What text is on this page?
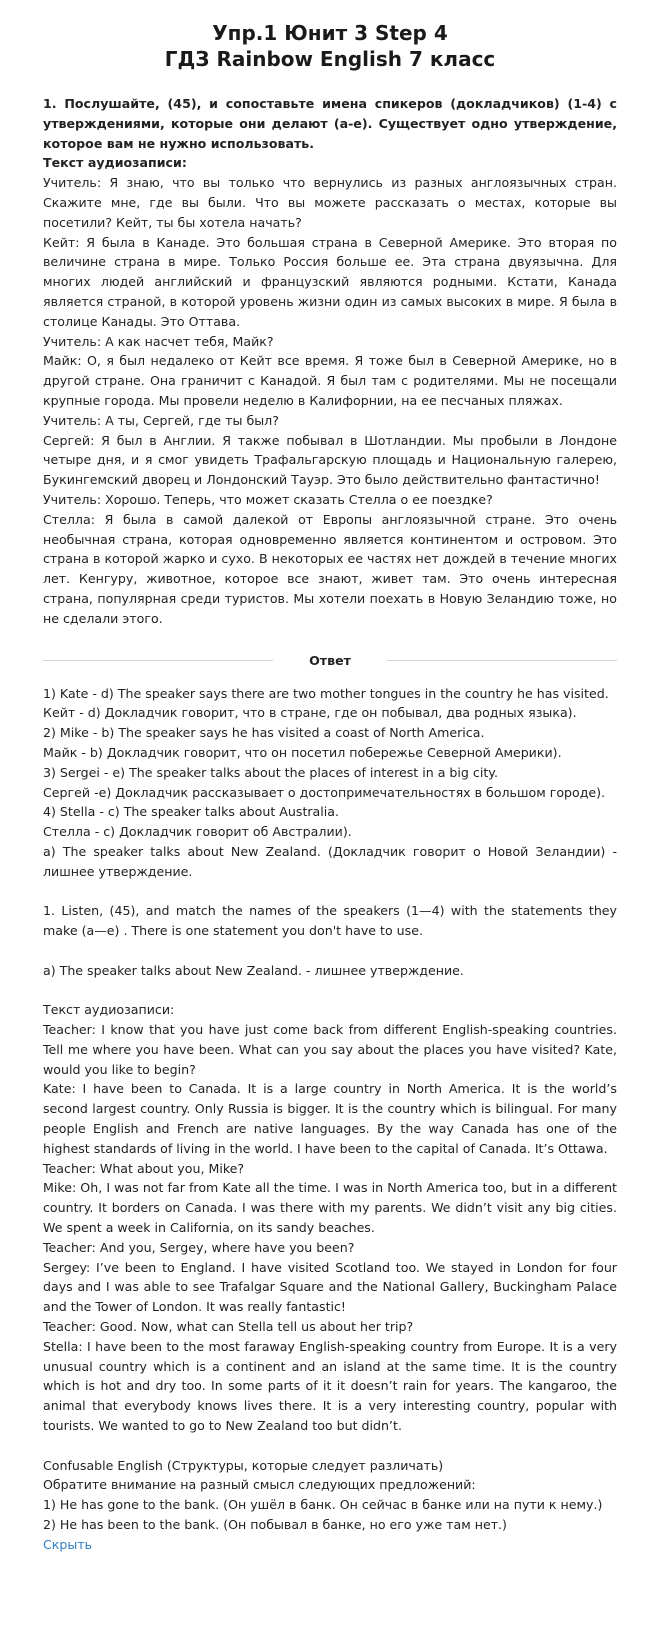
Упр.1 Юнит 3 Step 4
ГДЗ Rainbow English 7 класс

1. Послушайте, (45), и сопоставьте имена спикеров (докладчиков) (1-4) с утверждениями, которые они делают (a-e). Существует одно утверждение, которое вам не нужно использовать.

Текст аудиозаписи:

Учитель: Я знаю, что вы только что вернулись из разных англоязычных стран. Скажите мне, где вы были. Что вы можете рассказать о местах, которые вы посетили? Кейт, ты бы хотела начать?

Кейт: Я была в Канаде. Это большая страна в Северной Америке. Это вторая по величине страна в мире. Только Россия больше ее. Эта страна двуязычна. Для многих людей английский и французский являются родными. Кстати, Канада является страной, в которой уровень жизни один из самых высоких в мире. Я была в столице Канады. Это Оттава.

Учитель: А как насчет тебя, Майк?

Майк: О, я был недалеко от Кейт все время. Я тоже был в Северной Америке, но в другой стране. Она граничит с Канадой. Я был там с родителями. Мы не посещали крупные города. Мы провели неделю в Калифорнии, на ее песчаных пляжах.

Учитель: А ты, Сергей, где ты был?

Сергей: Я был в Англии. Я также побывал в Шотландии. Мы пробыли в Лондоне четыре дня, и я смог увидеть Трафальгарскую площадь и Национальную галерею, Букингемский дворец и Лондонский Тауэр. Это было действительно фантастично!

Учитель: Хорошо. Теперь, что может сказать Стелла о ее поездке?

Стелла: Я была в самой далекой от Европы англоязычной стране. Это очень необычная страна, которая одновременно является континентом и островом. Это страна в которой жарко и сухо. В некоторых ее частях нет дождей в течение многих лет. Кенгуру, животное, которое все знают, живет там. Это очень интересная страна, популярная среди туристов. Мы хотели поехать в Новую Зеландию тоже, но не сделали этого.

Ответ

1) Kate - d) The speaker says there are two mother tongues in the country he has visited.

Кейт - d) Докладчик говорит, что в стране, где он побывал, два родных языка).

2) Mike - b) The speaker says he has visited a coast of North America.

Майк - b) Докладчик говорит, что он посетил побережье Северной Америки).

3) Sergei - e) The speaker talks about the places of interest in a big city.

Сергей -e) Докладчик рассказывает о достопримечательностях в большом городе).

4) Stella - c) The speaker talks about Australia.

Стелла - c) Докладчик говорит об Австралии).

a) The speaker talks about New Zealand. (Докладчик говорит о Новой Зеландии) - лишнее утверждение.

1. Listen, (45), and match the names of the speakers (1—4) with the statements they make (a—e) . There is one statement you don't have to use.

a) The speaker talks about New Zealand. - лишнее утверждение.

Текст аудиозаписи:

Teacher: I know that you have just come back from different English-speaking countries. Tell me where you have been. What can you say about the places you have visited? Kate, would you like to begin?

Kate: I have been to Canada. It is a large country in North America. It is the world’s second largest country. Only Russia is bigger. It is the country which is bilingual. For many people English and French are native languages. By the way Canada has one of the highest standards of living in the world. I have been to the capital of Canada. It’s Ottawa.

Teacher: What about you, Mike?

Mike: Oh, I was not far from Kate all the time. I was in North America too, but in a different country. It borders on Canada. I was there with my parents. We didn’t visit any big cities. We spent a week in California, on its sandy beaches.

Teacher: And you, Sergey, where have you been?

Sergey: I’ve been to England. I have visited Scotland too. We stayed in London for four days and I was able to see Trafalgar Square and the National Gallery, Buckingham Palace and the Tower of London. It was really fantastic!

Teacher: Good. Now, what can Stella tell us about her trip?

Stella: I have been to the most faraway English-speaking country from Europe. It is a very unusual country which is a continent and an island at the same time. It is the country which is hot and dry too. In some parts of it it doesn’t rain for years. The kangaroo, the animal that everybody knows lives there. It is a very interesting country, popular with tourists. We wanted to go to New Zealand too but didn’t.

Confusable English (Структуры, которые следует различать)

Обратите внимание на разный смысл следующих предложений:

1) He has gone to the bank. (Он ушёл в банк. Он сейчас в банке или на пути к нему.)

2) He has been to the bank. (Он побывал в банке, но его уже там нет.)

Скрыть
